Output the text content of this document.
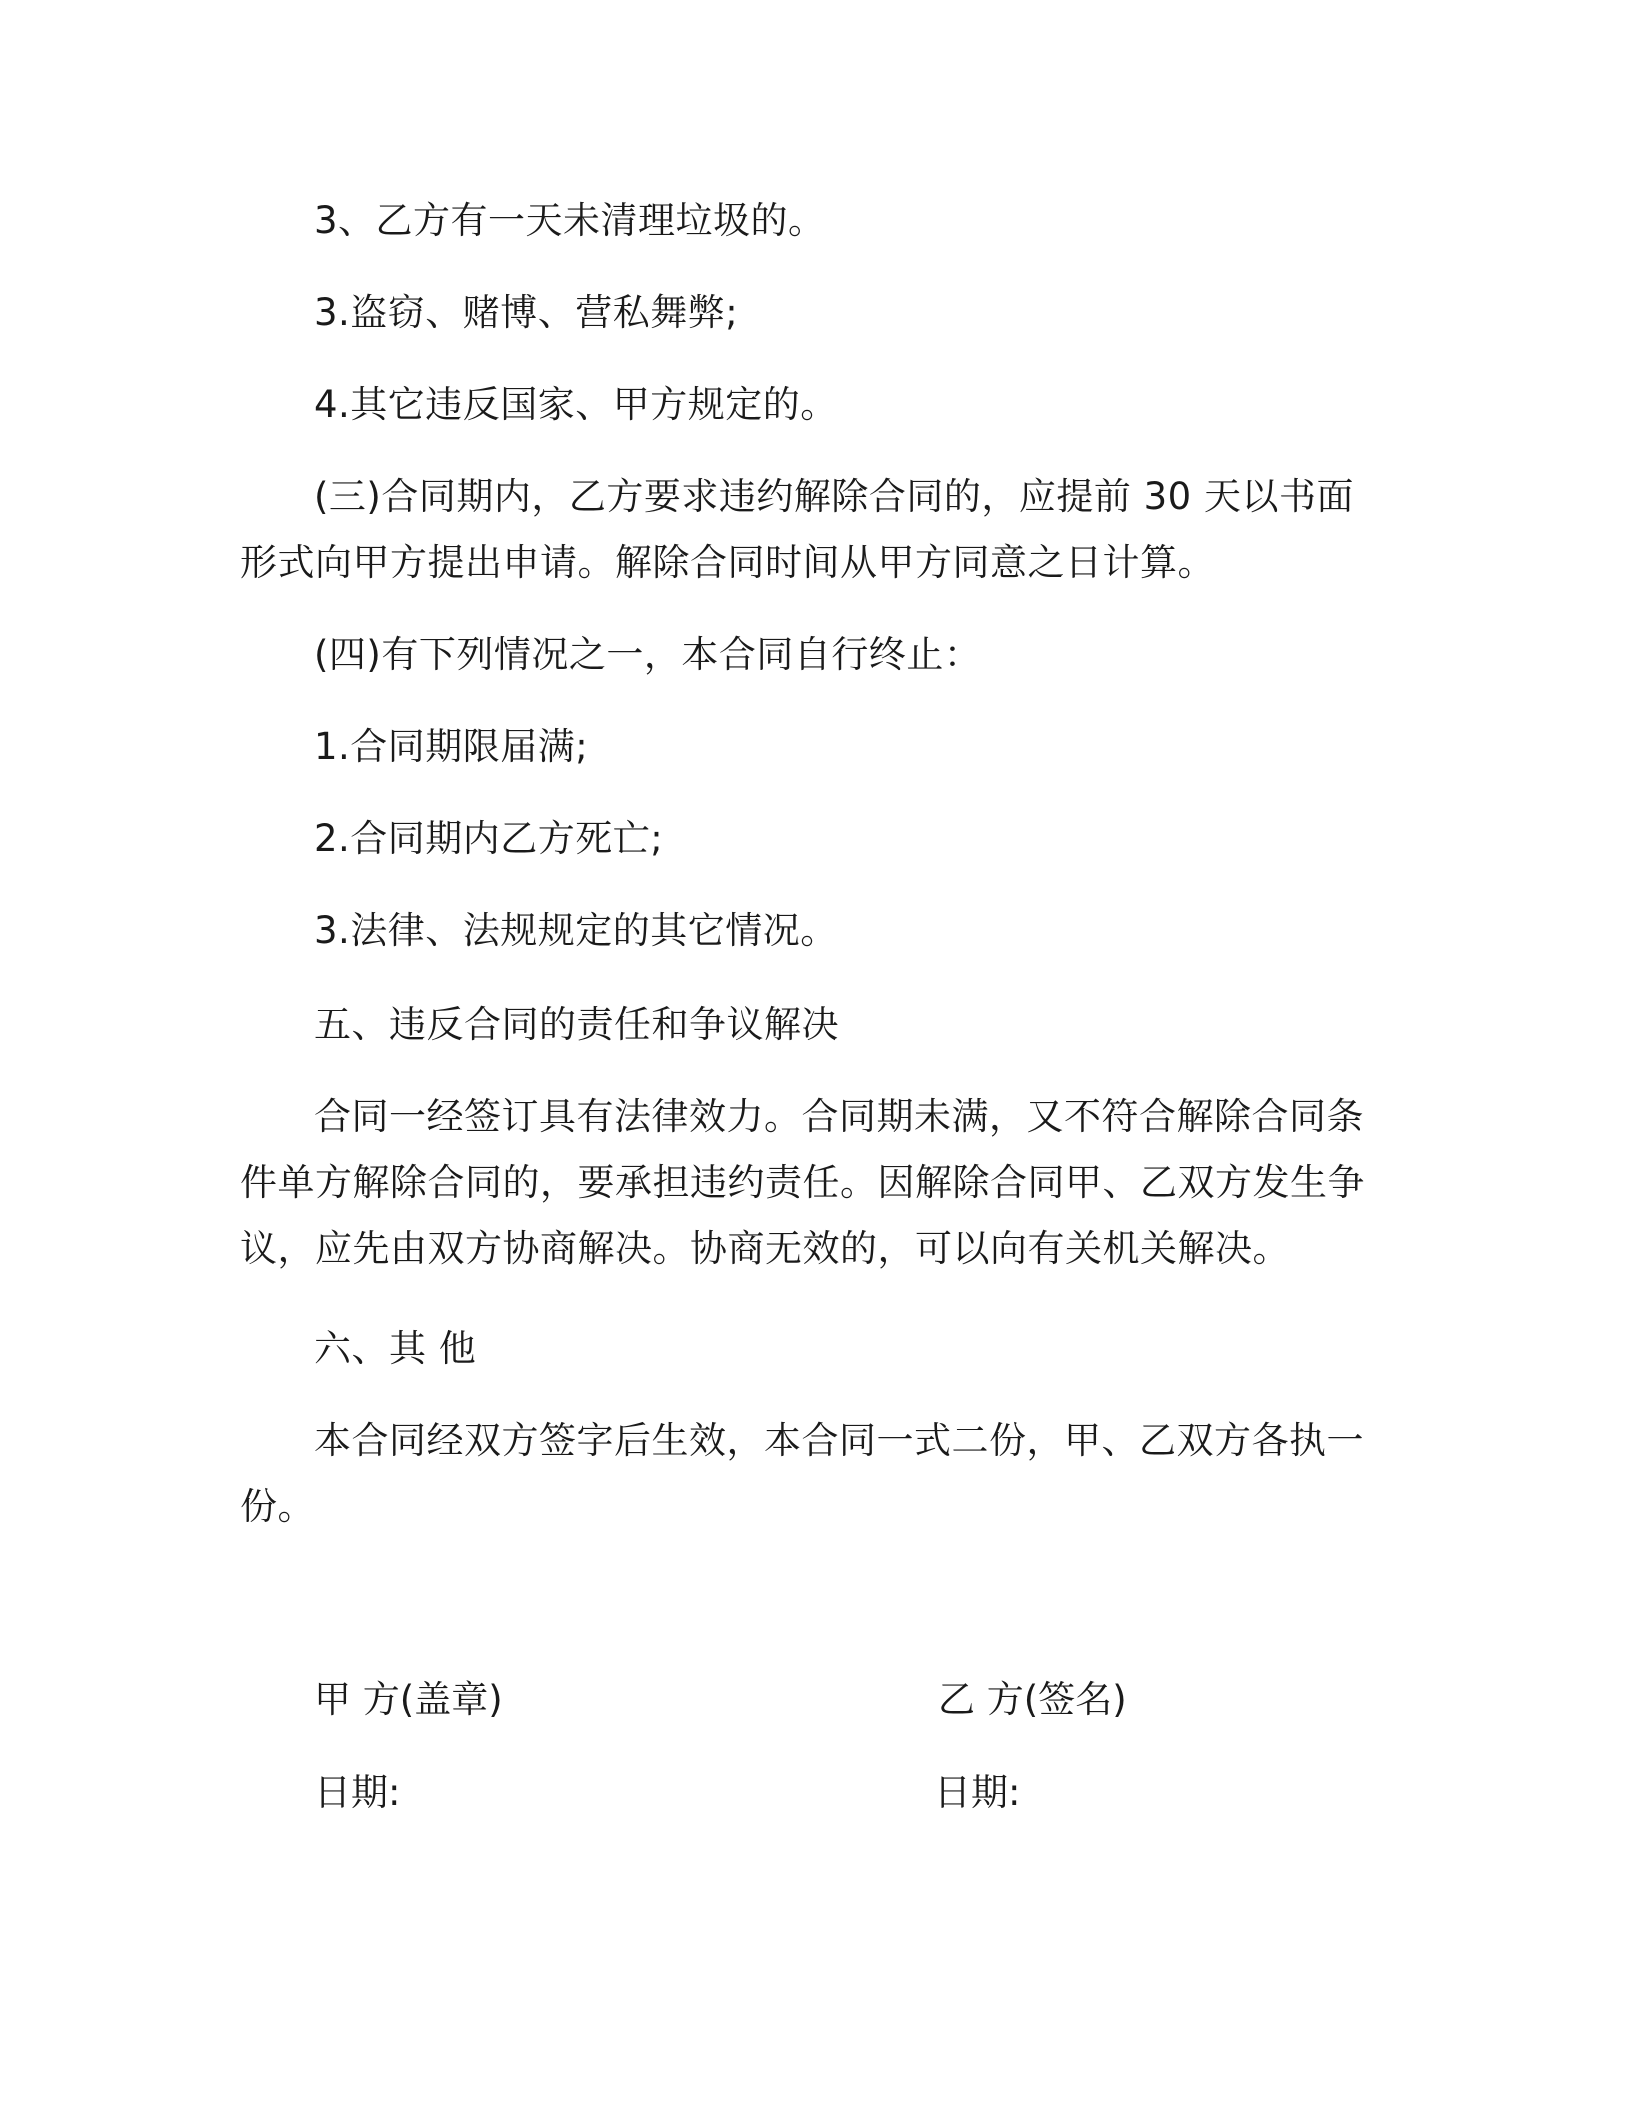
3、乙方有一天未清理垃圾的。

3.盗窃、赌博、营私舞弊;

4.其它违反国家、甲方规定的。

(三)合同期内，乙方要求违约解除合同的，应提前 30 天以书面形式向甲方提出申请。解除合同时间从甲方同意之日计算。

(四)有下列情况之一，本合同自行终止：

1.合同期限届满;

2.合同期内乙方死亡;

3.法律、法规规定的其它情况。

五、违反合同的责任和争议解决

合同一经签订具有法律效力。合同期未满，又不符合解除合同条件单方解除合同的，要承担违约责任。因解除合同甲、乙双方发生争议，应先由双方协商解决。协商无效的，可以向有关机关解决。

六、其 他

本合同经双方签字后生效，本合同一式二份，甲、乙双方各执一份。

甲 方(盖章)	乙 方(签名)
日期:	日期:
